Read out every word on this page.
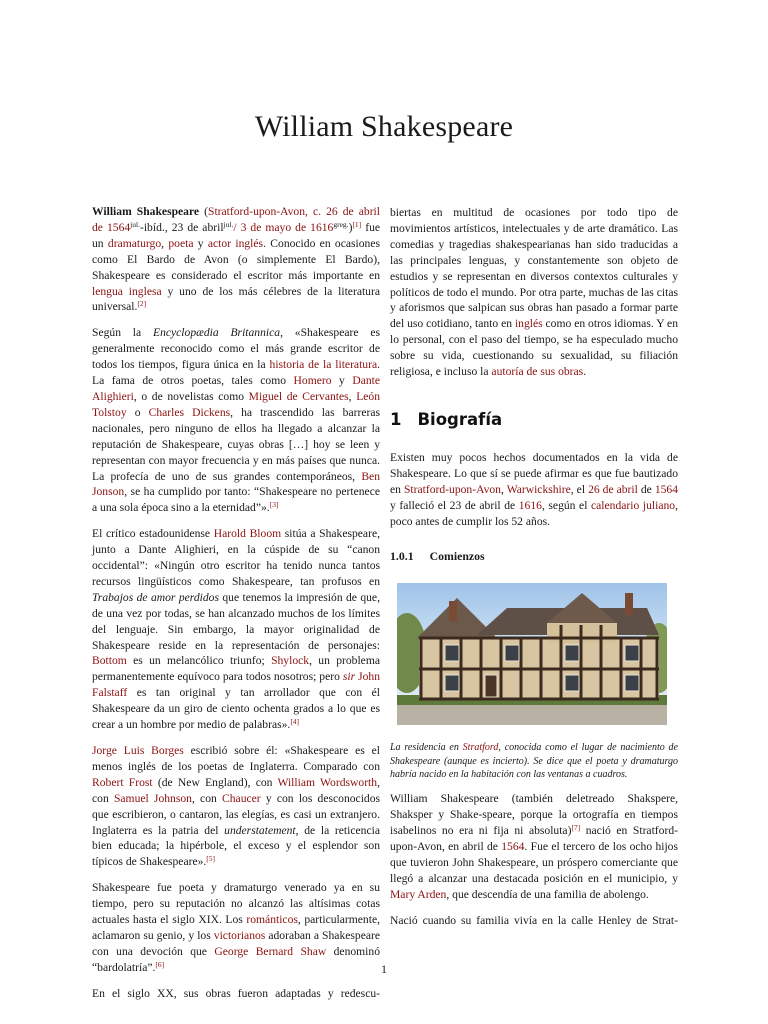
William Shakespeare

William Shakespeare (Stratford-upon-Avon, c. 26 de abril de $1564^{jul.}$-ibíd., 23 de abril$^{jul.}$/ 3 de mayo de $1616^{greg.})[1]$ fue un dramaturgo, poeta y actor inglés. Conocido en ocasiones como El Bardo de Avon (o simplemente El Bardo), Shakespeare es considerado el escritor más importante en lengua inglesa y uno de los más célebres de la literatura universal.[2]

Según la Encyclopædia Britannica, «Shakespeare es generalmente reconocido como el más grande escritor de todos los tiempos, figura única en la historia de la literatura. La fama de otros poetas, tales como Homero y Dante Alighieri, o de novelistas como Miguel de Cervantes, León Tolstoy o Charles Dickens, ha trascendido las barreras nacionales, pero ninguno de ellos ha llegado a alcanzar la reputación de Shakespeare, cuyas obras […] hoy se leen y representan con mayor frecuencia y en más países que nunca. La profecía de uno de sus grandes contemporáneos, Ben Jonson, se ha cumplido por tanto: “Shakespeare no pertenece a una sola época sino a la eternidad”».[3]

El crítico estadounidense Harold Bloom sitúa a Shakespeare, junto a Dante Alighieri, en la cúspide de su “canon occidental”: «Ningún otro escritor ha tenido nunca tantos recursos lingüísticos como Shakespeare, tan profusos en Trabajos de amor perdidos que tenemos la impresión de que, de una vez por todas, se han alcanzado muchos de los límites del lenguaje. Sin embargo, la mayor originalidad de Shakespeare reside en la representación de personajes: Bottom es un melancólico triunfo; Shylock, un problema permanentemente equívoco para todos nosotros; pero sir John Falstaff es tan original y tan arrollador que con él Shakespeare da un giro de ciento ochenta grados a lo que es crear a un hombre por medio de palabras».[4]

Jorge Luis Borges escribió sobre él: «Shakespeare es el menos inglés de los poetas de Inglaterra. Comparado con Robert Frost (de New England), con William Wordsworth, con Samuel Johnson, con Chaucer y con los desconocidos que escribieron, o cantaron, las elegías, es casi un extranjero. Inglaterra es la patria del understatement, de la reticencia bien educada; la hipérbole, el exceso y el esplendor son típicos de Shakespeare».[5]

Shakespeare fue poeta y dramaturgo venerado ya en su tiempo, pero su reputación no alcanzó las altísimas cotas actuales hasta el siglo XIX. Los románticos, particularmente, aclamaron su genio, y los victorianos adoraban a Shakespeare con una devoción que George Bernard Shaw denominó “bardolatría”.[6]

En el siglo XX, sus obras fueron adaptadas y redescu-

biertas en multitud de ocasiones por todo tipo de movimientos artísticos, intelectuales y de arte dramático. Las comedias y tragedias shakespearianas han sido traducidas a las principales lenguas, y constantemente son objeto de estudios y se representan en diversos contextos culturales y políticos de todo el mundo. Por otra parte, muchas de las citas y aforismos que salpican sus obras han pasado a formar parte del uso cotidiano, tanto en inglés como en otros idiomas. Y en lo personal, con el paso del tiempo, se ha especulado mucho sobre su vida, cuestionando su sexualidad, su filiación religiosa, e incluso la autoría de sus obras.

1 Biografía

Existen muy pocos hechos documentados en la vida de Shakespeare. Lo que sí se puede afirmar es que fue bautizado en Stratford-upon-Avon, Warwickshire, el 26 de abril de 1564 y falleció el 23 de abril de 1616, según el calendario juliano, poco antes de cumplir los 52 años.

1.0.1 Comienzos

La residencia en Stratford, conocida como el lugar de nacimiento de Shakespeare (aunque es incierto). Se dice que el poeta y dramaturgo habría nacido en la habitación con las ventanas a cuadros.

William Shakespeare (también deletreado Shakspere, Shaksper y Shake-speare, porque la ortografía en tiempos isabelinos no era ni fija ni absoluta)[7] nació en Stratford-upon-Avon, en abril de 1564. Fue el tercero de los ocho hijos que tuvieron John Shakespeare, un próspero comerciante que llegó a alcanzar una destacada posición en el municipio, y Mary Arden, que descendía de una familia de abolengo.

Nació cuando su familia vivía en la calle Henley de Strat-

1
